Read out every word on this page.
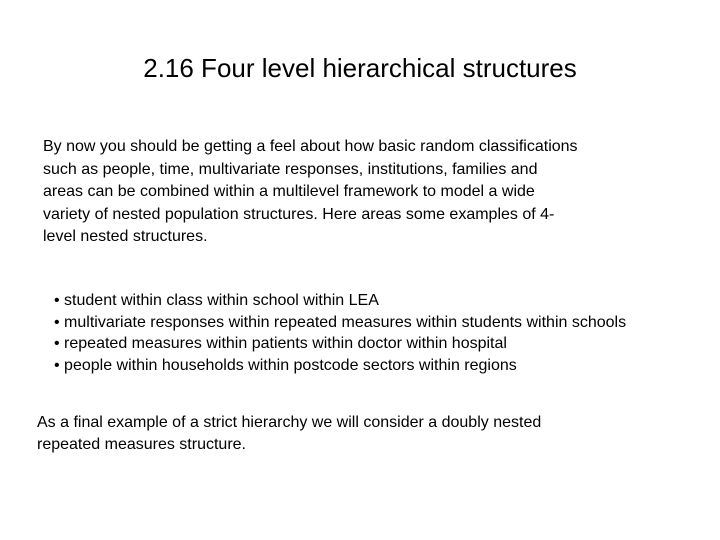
2.16 Four level hierarchical structures
By now you should be getting a feel about how basic random classifications
such as people, time, multivariate responses, institutions, families and
areas can be combined within a multilevel framework to model a wide
variety of nested population structures. Here areas some examples of 4-
level nested structures.
• student within class within school within LEA
• multivariate responses within repeated measures within students within schools
• repeated measures within patients within doctor within hospital
• people within households within postcode sectors within regions
As a final example of a strict hierarchy we will consider a doubly nested
repeated measures structure.
